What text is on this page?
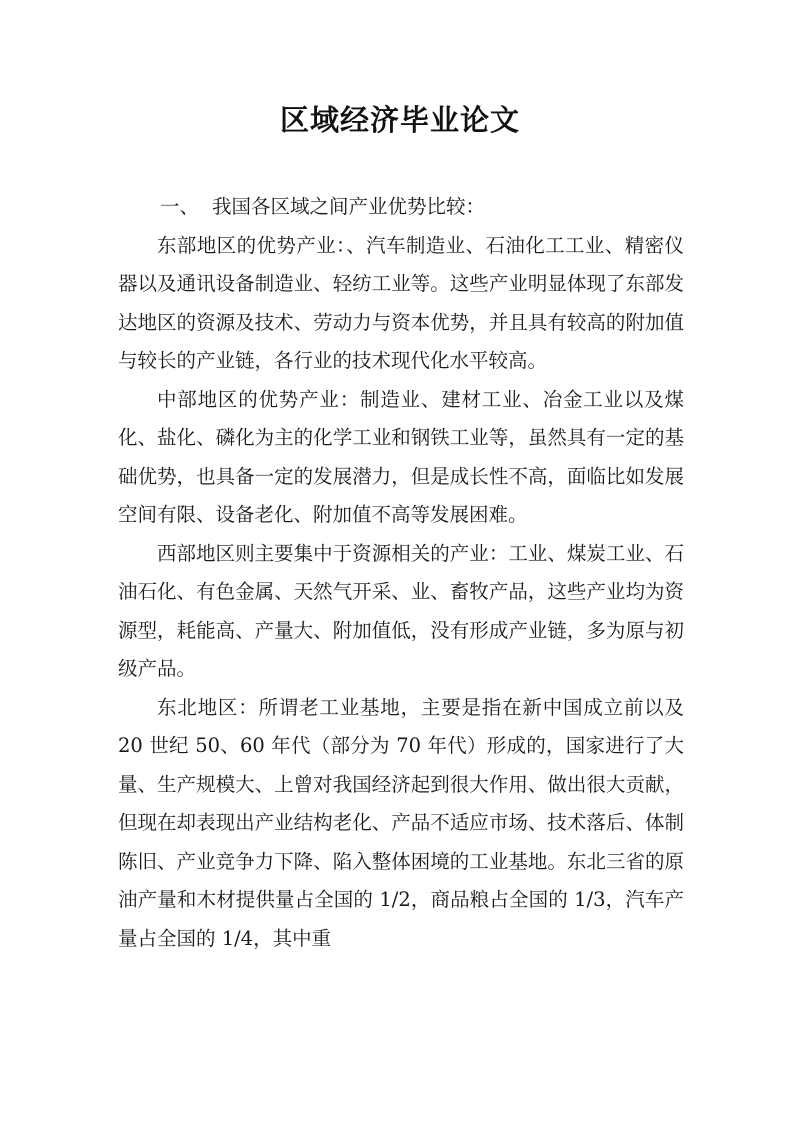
区域经济毕业论文
一、 我国各区域之间产业优势比较：

东部地区的优势产业：、汽车制造业、石油化工工业、精密仪器以及通讯设备制造业、轻纺工业等。这些产业明显体现了东部发达地区的资源及技术、劳动力与资本优势，并且具有较高的附加值与较长的产业链，各行业的技术现代化水平较高。

中部地区的优势产业：制造业、建材工业、冶金工业以及煤化、盐化、磷化为主的化学工业和钢铁工业等，虽然具有一定的基础优势，也具备一定的发展潜力，但是成长性不高，面临比如发展空间有限、设备老化、附加值不高等发展困难。

西部地区则主要集中于资源相关的产业：工业、煤炭工业、石油石化、有色金属、天然气开采、业、畜牧产品，这些产业均为资源型，耗能高、产量大、附加值低，没有形成产业链，多为原与初级产品。

东北地区：所谓老工业基地，主要是指在新中国成立前以及 20 世纪 50、60 年代（部分为 70 年代）形成的，国家进行了大量、生产规模大、上曾对我国经济起到很大作用、做出很大贡献，但现在却表现出产业结构老化、产品不适应市场、技术落后、体制陈旧、产业竞争力下降、陷入整体困境的工业基地。东北三省的原油产量和木材提供量占全国的 1/2，商品粮占全国的 1/3，汽车产量占全国的 1/4，其中重
